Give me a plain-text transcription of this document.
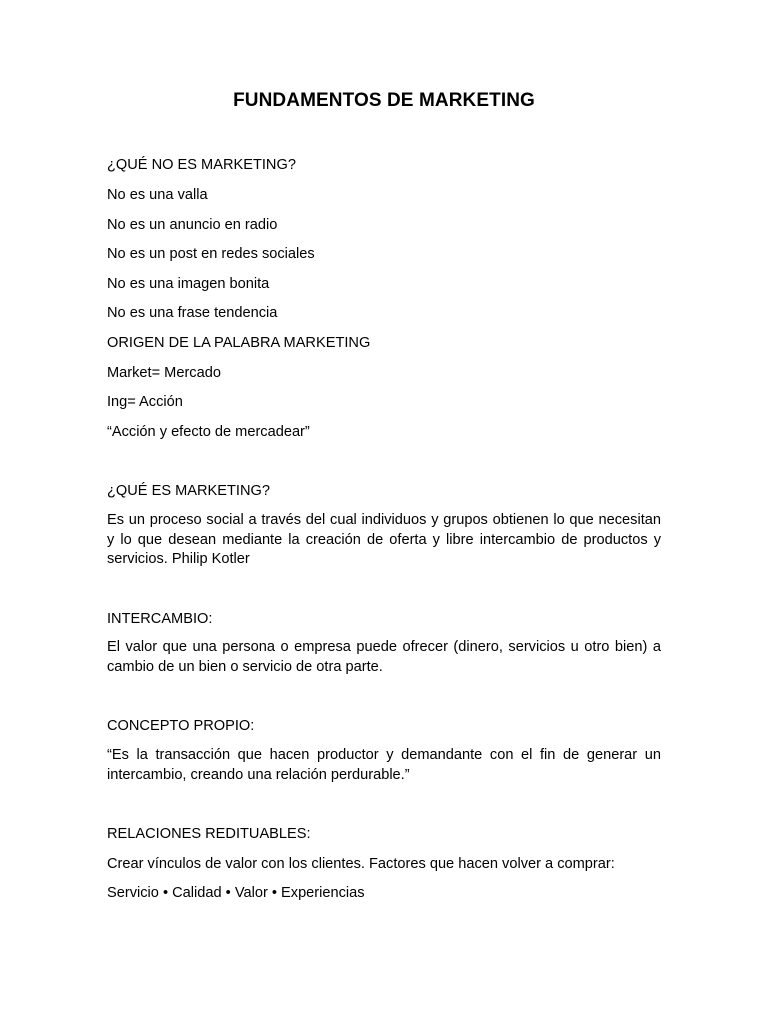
FUNDAMENTOS DE MARKETING
¿QUÉ NO ES MARKETING?
No es una valla
No es un anuncio en radio
No es un post en redes sociales
No es una imagen bonita
No es una frase tendencia
ORIGEN DE LA PALABRA MARKETING
Market= Mercado
Ing= Acción
“Acción y efecto de mercadear”
¿QUÉ ES MARKETING?
Es un proceso social a través del cual individuos y grupos obtienen lo que necesitan y lo que desean mediante la creación de oferta y libre intercambio de productos y servicios. Philip Kotler
INTERCAMBIO:
El valor que una persona o empresa puede ofrecer (dinero, servicios u otro bien) a cambio de un bien o servicio de otra parte.
CONCEPTO PROPIO:
“Es la transacción que hacen productor y demandante con el fin de generar un intercambio, creando una relación perdurable.”
RELACIONES REDITUABLES:
Crear vínculos de valor con los clientes. Factores que hacen volver a comprar:
Servicio • Calidad • Valor • Experiencias
